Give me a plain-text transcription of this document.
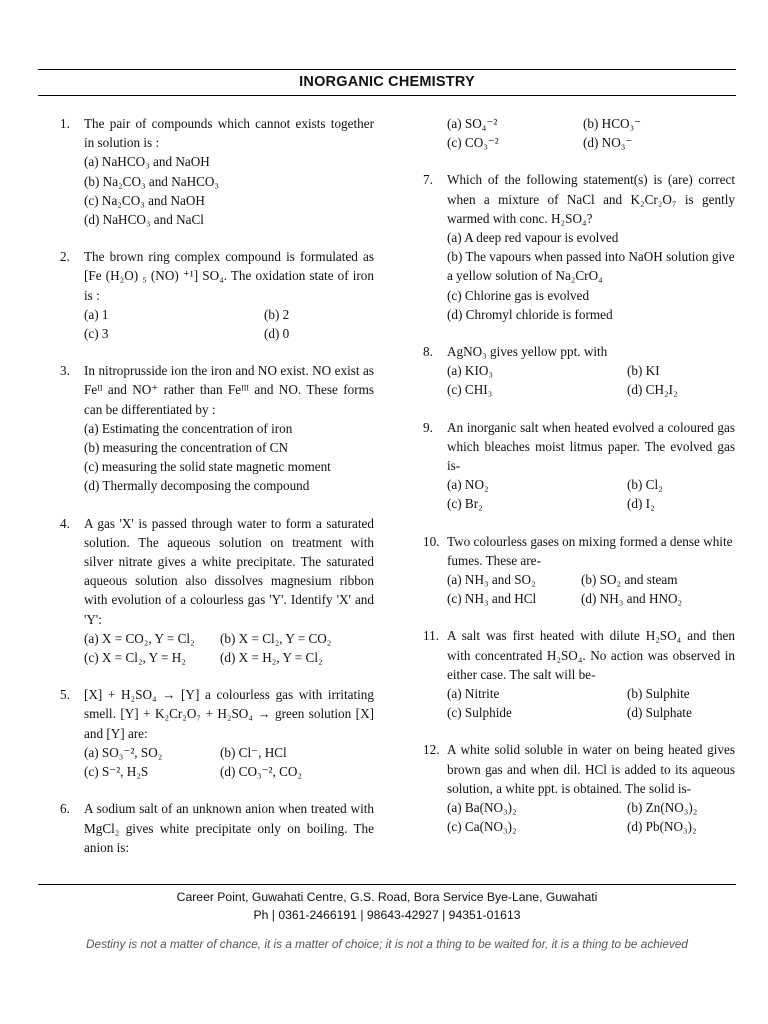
INORGANIC CHEMISTRY
1. The pair of compounds which cannot exists together in solution is :
(a) NaHCO₃ and NaOH
(b) Na₂CO₃ and NaHCO₃
(c) Na₂CO₃ and NaOH
(d) NaHCO₃ and NaCl
2. The brown ring complex compound is formulated as [Fe (H₂O) ₅ (NO) ⁺¹] SO₄. The oxidation state of iron is :
(a) 1	(b) 2
(c) 3	(d) 0
3. In nitroprusside ion the iron and NO exist. NO exist as Feᴵᴵ and NO⁺ rather than Feᴵᴵᴵ and NO. These forms can be differentiated by :
(a) Estimating the concentration of iron
(b) measuring the concentration of CN
(c) measuring the solid state magnetic moment
(d) Thermally decomposing the compound
4. A gas 'X' is passed through water to form a saturated solution. The aqueous solution on treatment with silver nitrate gives a white precipitate. The saturated aqueous solution also dissolves magnesium ribbon with evolution of a colourless gas 'Y'. Identify 'X' and 'Y':
(a) X = CO₂, Y = Cl₂	(b) X = Cl₂, Y = CO₂
(c) X = Cl₂, Y = H₂	(d) X = H₂, Y = Cl₂
5. [X] + H₂SO₄ → [Y] a colourless gas with irritating smell. [Y] + K₂Cr₂O₇ + H₂SO₄ → green solution [X] and [Y] are:
(a) SO₃⁻², SO₂	(b) Cl⁻, HCl
(c) S⁻², H₂S	(d) CO₃⁻², CO₂
6. A sodium salt of an unknown anion when treated with MgCl₂ gives white precipitate only on boiling. The anion is:
(a) SO₄⁻²	(b) HCO₃⁻
(c) CO₃⁻²	(d) NO₃⁻
7. Which of the following statement(s) is (are) correct when a mixture of NaCl and K₂Cr₂O₇ is gently warmed with conc. H₂SO₄?
(a) A deep red vapour is evolved
(b) The vapours when passed into NaOH solution give a yellow solution of Na₂CrO₄
(c) Chlorine gas is evolved
(d) Chromyl chloride is formed
8. AgNO₃ gives yellow ppt. with
(a) KIO₃	(b) KI
(c) CHI₃	(d) CH₂I₂
9. An inorganic salt when heated evolved a coloured gas which bleaches moist litmus paper. The evolved gas is-
(a) NO₂	(b) Cl₂
(c) Br₂	(d) I₂
10. Two colourless gases on mixing formed a dense white fumes. These are-
(a) NH₃ and SO₂	(b) SO₂ and steam
(c) NH₃ and HCl	(d) NH₃ and HNO₂
11. A salt was first heated with dilute H₂SO₄ and then with concentrated H₂SO₄. No action was observed in either case. The salt will be-
(a) Nitrite	(b) Sulphite
(c) Sulphide	(d) Sulphate
12. A white solid soluble in water on being heated gives brown gas and when dil. HCl is added to its aqueous solution, a white ppt. is obtained. The solid is-
(a) Ba(NO₃)₂	(b) Zn(NO₃)₂
(c) Ca(NO₃)₂	(d) Pb(NO₃)₂
Career Point, Guwahati Centre, G.S. Road, Bora Service Bye-Lane, Guwahati
Ph | 0361-2466191 | 98643-42927 | 94351-01613
Destiny is not a matter of chance, it is a matter of choice; it is not a thing to be waited for, it is a thing to be achieved
